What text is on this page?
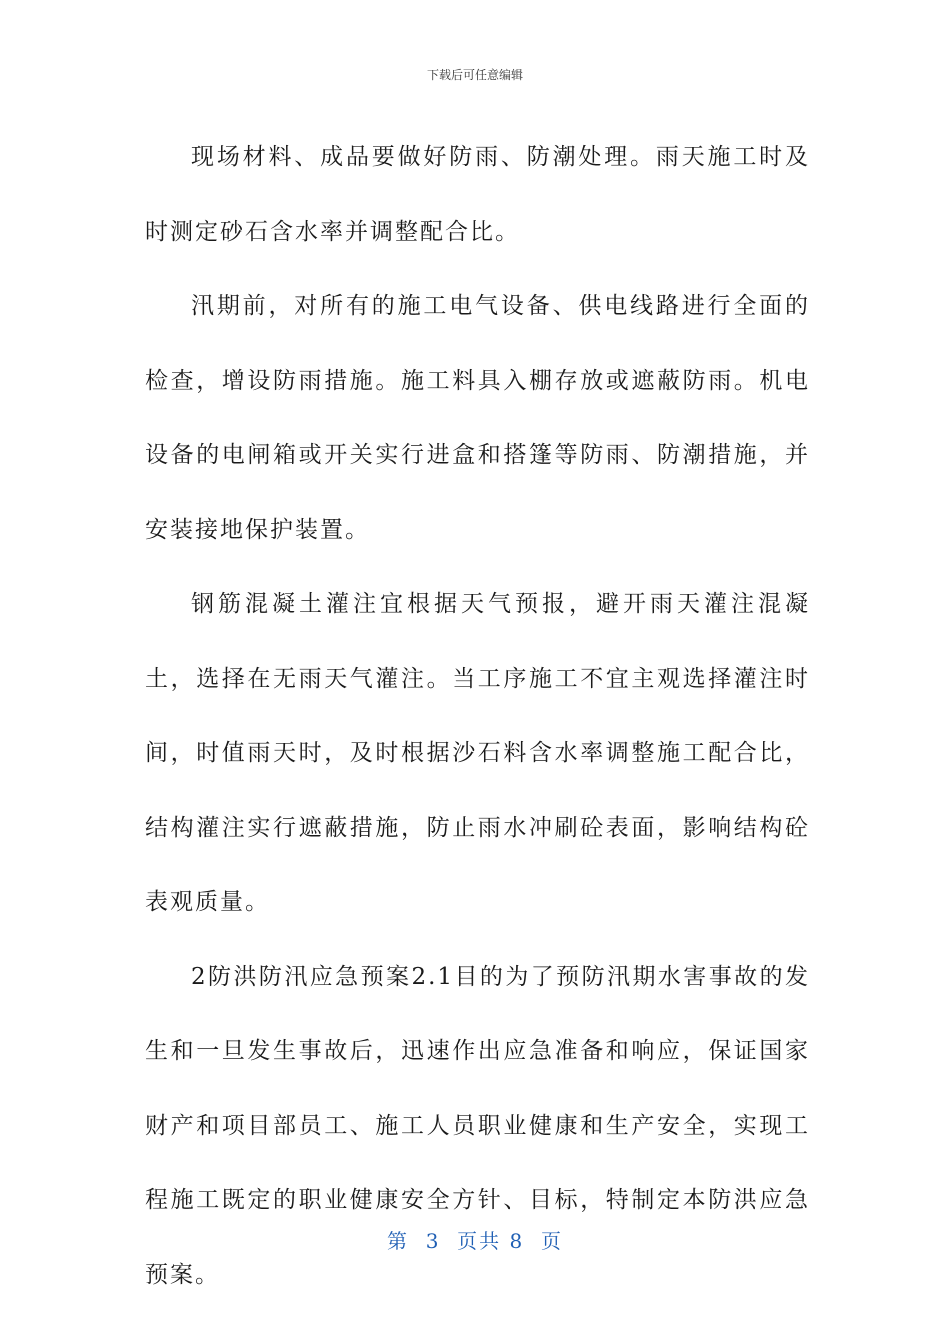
下载后可任意编辑

现场材料、成品要做好防雨、防潮处理。雨天施工时及时测定砂石含水率并调整配合比。

汛期前，对所有的施工电气设备、供电线路进行全面的检查，增设防雨措施。施工料具入棚存放或遮蔽防雨。机电设备的电闸箱或开关实行进盒和搭篷等防雨、防潮措施，并安装接地保护装置。

钢筋混凝土灌注宜根据天气预报，避开雨天灌注混凝土，选择在无雨天气灌注。当工序施工不宜主观选择灌注时间，时值雨天时，及时根据沙石料含水率调整施工配合比，结构灌注实行遮蔽措施，防止雨水冲刷砼表面，影响结构砼表观质量。

2防洪防汛应急预案2.1目的为了预防汛期水害事故的发生和一旦发生事故后，迅速作出应急准备和响应，保证国家财产和项目部员工、施工人员职业健康和生产安全，实现工程施工既定的职业健康安全方针、目标，特制定本防洪应急预案。

第  3  页共 8  页
